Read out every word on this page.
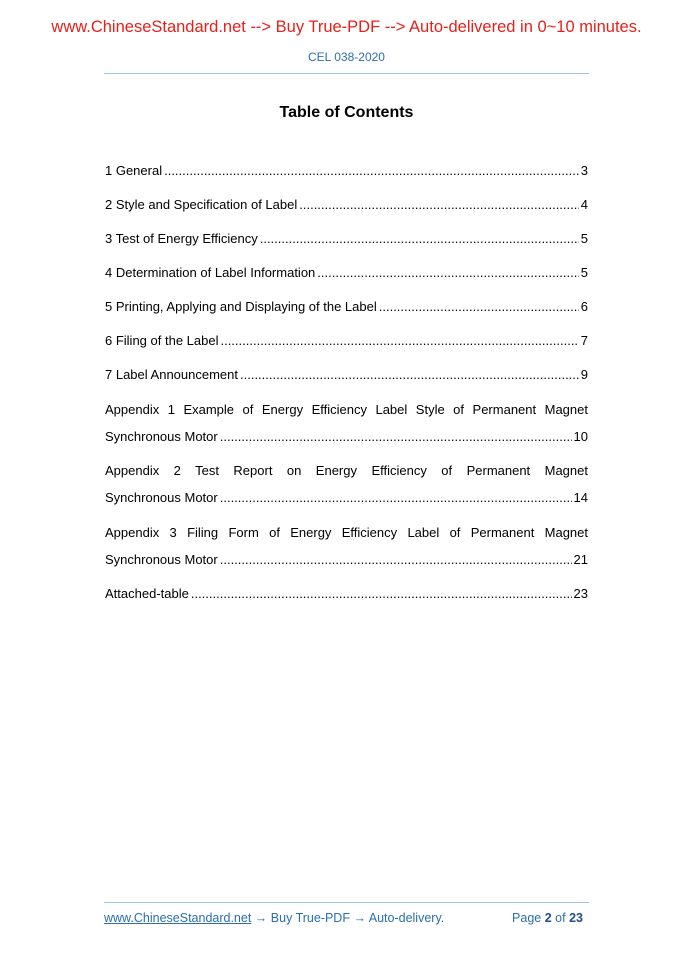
www.ChineseStandard.net --> Buy True-PDF --> Auto-delivered in 0~10 minutes.
CEL 038-2020
Table of Contents
1 General .....	3
2 Style and Specification of Label .....	4
3 Test of Energy Efficiency .....	5
4 Determination of Label Information .....	5
5 Printing, Applying and Displaying of the Label .....	6
6 Filing of the Label .....	7
7 Label Announcement .....	9
Appendix 1 Example of Energy Efficiency Label Style of Permanent Magnet
Synchronous Motor .....	10
Appendix 2 Test Report on Energy Efficiency of Permanent Magnet
Synchronous Motor .....	14
Appendix 3 Filing Form of Energy Efficiency Label of Permanent Magnet
Synchronous Motor .....	21
Attached-table .....	23
www.ChineseStandard.net → Buy True-PDF → Auto-delivery.	Page 2 of 23
